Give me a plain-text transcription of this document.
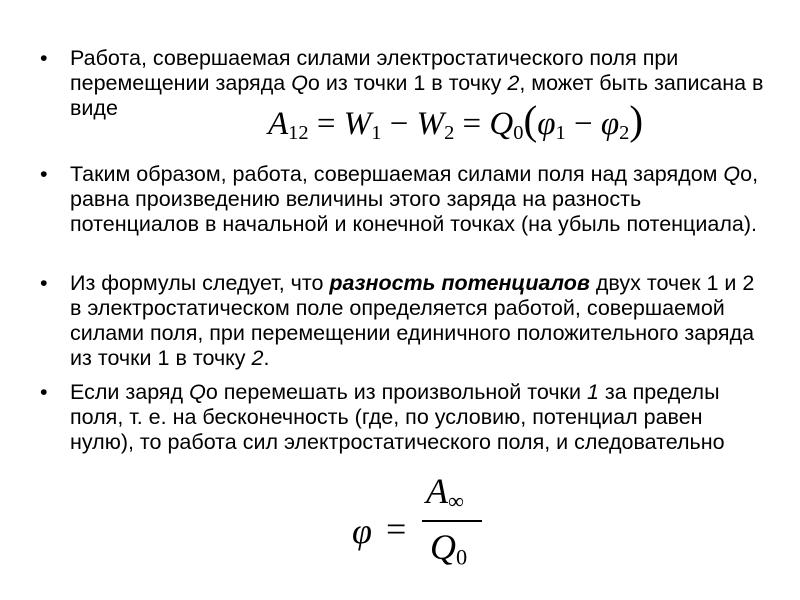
•	Работа, совершаемая силами электростатического поля при перемещении заряда Qо из точки 1 в точку 2, может быть записана в виде	$A_{12} = W_1 - W_2 = Q_0(\varphi_1 - \varphi_2)$
•	Таким образом, работа, совершаемая силами поля над зарядом Qо, равна произведению величины этого заряда на разность потенциалов в начальной и конечной точках (на убыль потенциала).
•	Из формулы следует, что разность потенциалов двух точек 1 и 2 в электростатическом поле определяется работой, совершаемой силами поля, при перемещении единичного положительного заряда из точки 1 в точку 2.
•	Если заряд Qо перемешать из произвольной точки 1 за пределы поля, т. е. на бесконечность (где, по условию, потенциал равен нулю), то работа сил электростатического поля, и следовательно
φ =
$A_\infty$
$Q_0$
